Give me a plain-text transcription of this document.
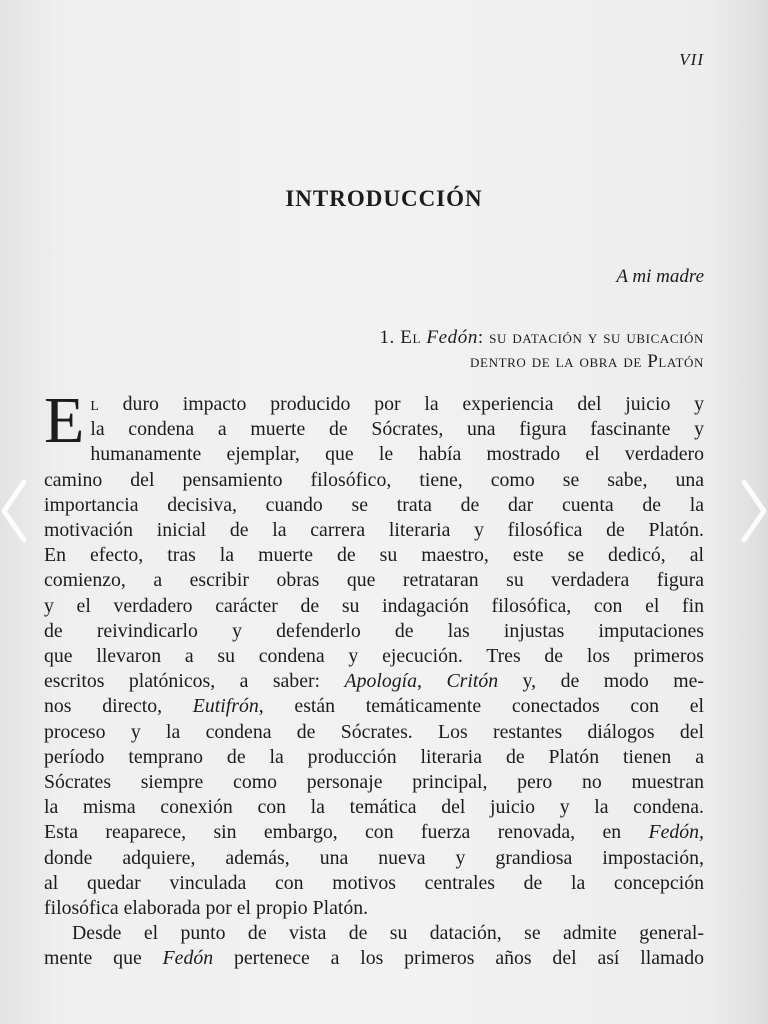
VII
INTRODUCCIÓN
A mi madre
1. El Fedón: su datación y su ubicación
dentro de la obra de Platón

E l duro impacto producido por la experiencia del juicio y
la condena a muerte de Sócrates, una figura fascinante y
humanamente ejemplar, que le había mostrado el verdadero
camino del pensamiento filosófico, tiene, como se sabe, una
importancia decisiva, cuando se trata de dar cuenta de la
motivación inicial de la carrera literaria y filosófica de Platón.
En efecto, tras la muerte de su maestro, este se dedicó, al
comienzo, a escribir obras que retrataran su verdadera figura
y el verdadero carácter de su indagación filosófica, con el fin
de reivindicarlo y defenderlo de las injustas imputaciones
que llevaron a su condena y ejecución. Tres de los primeros
escritos platónicos, a saber: Apología, Critón y, de modo me-
nos directo, Eutifrón, están temáticamente conectados con el
proceso y la condena de Sócrates. Los restantes diálogos del
período temprano de la producción literaria de Platón tienen a
Sócrates siempre como personaje principal, pero no muestran
la misma conexión con la temática del juicio y la condena.
Esta reaparece, sin embargo, con fuerza renovada, en Fedón,
donde adquiere, además, una nueva y grandiosa impostación,
al quedar vinculada con motivos centrales de la concepción
filosófica elaborada por el propio Platón.

Desde el punto de vista de su datación, se admite general-
mente que Fedón pertenece a los primeros años del así llamado
